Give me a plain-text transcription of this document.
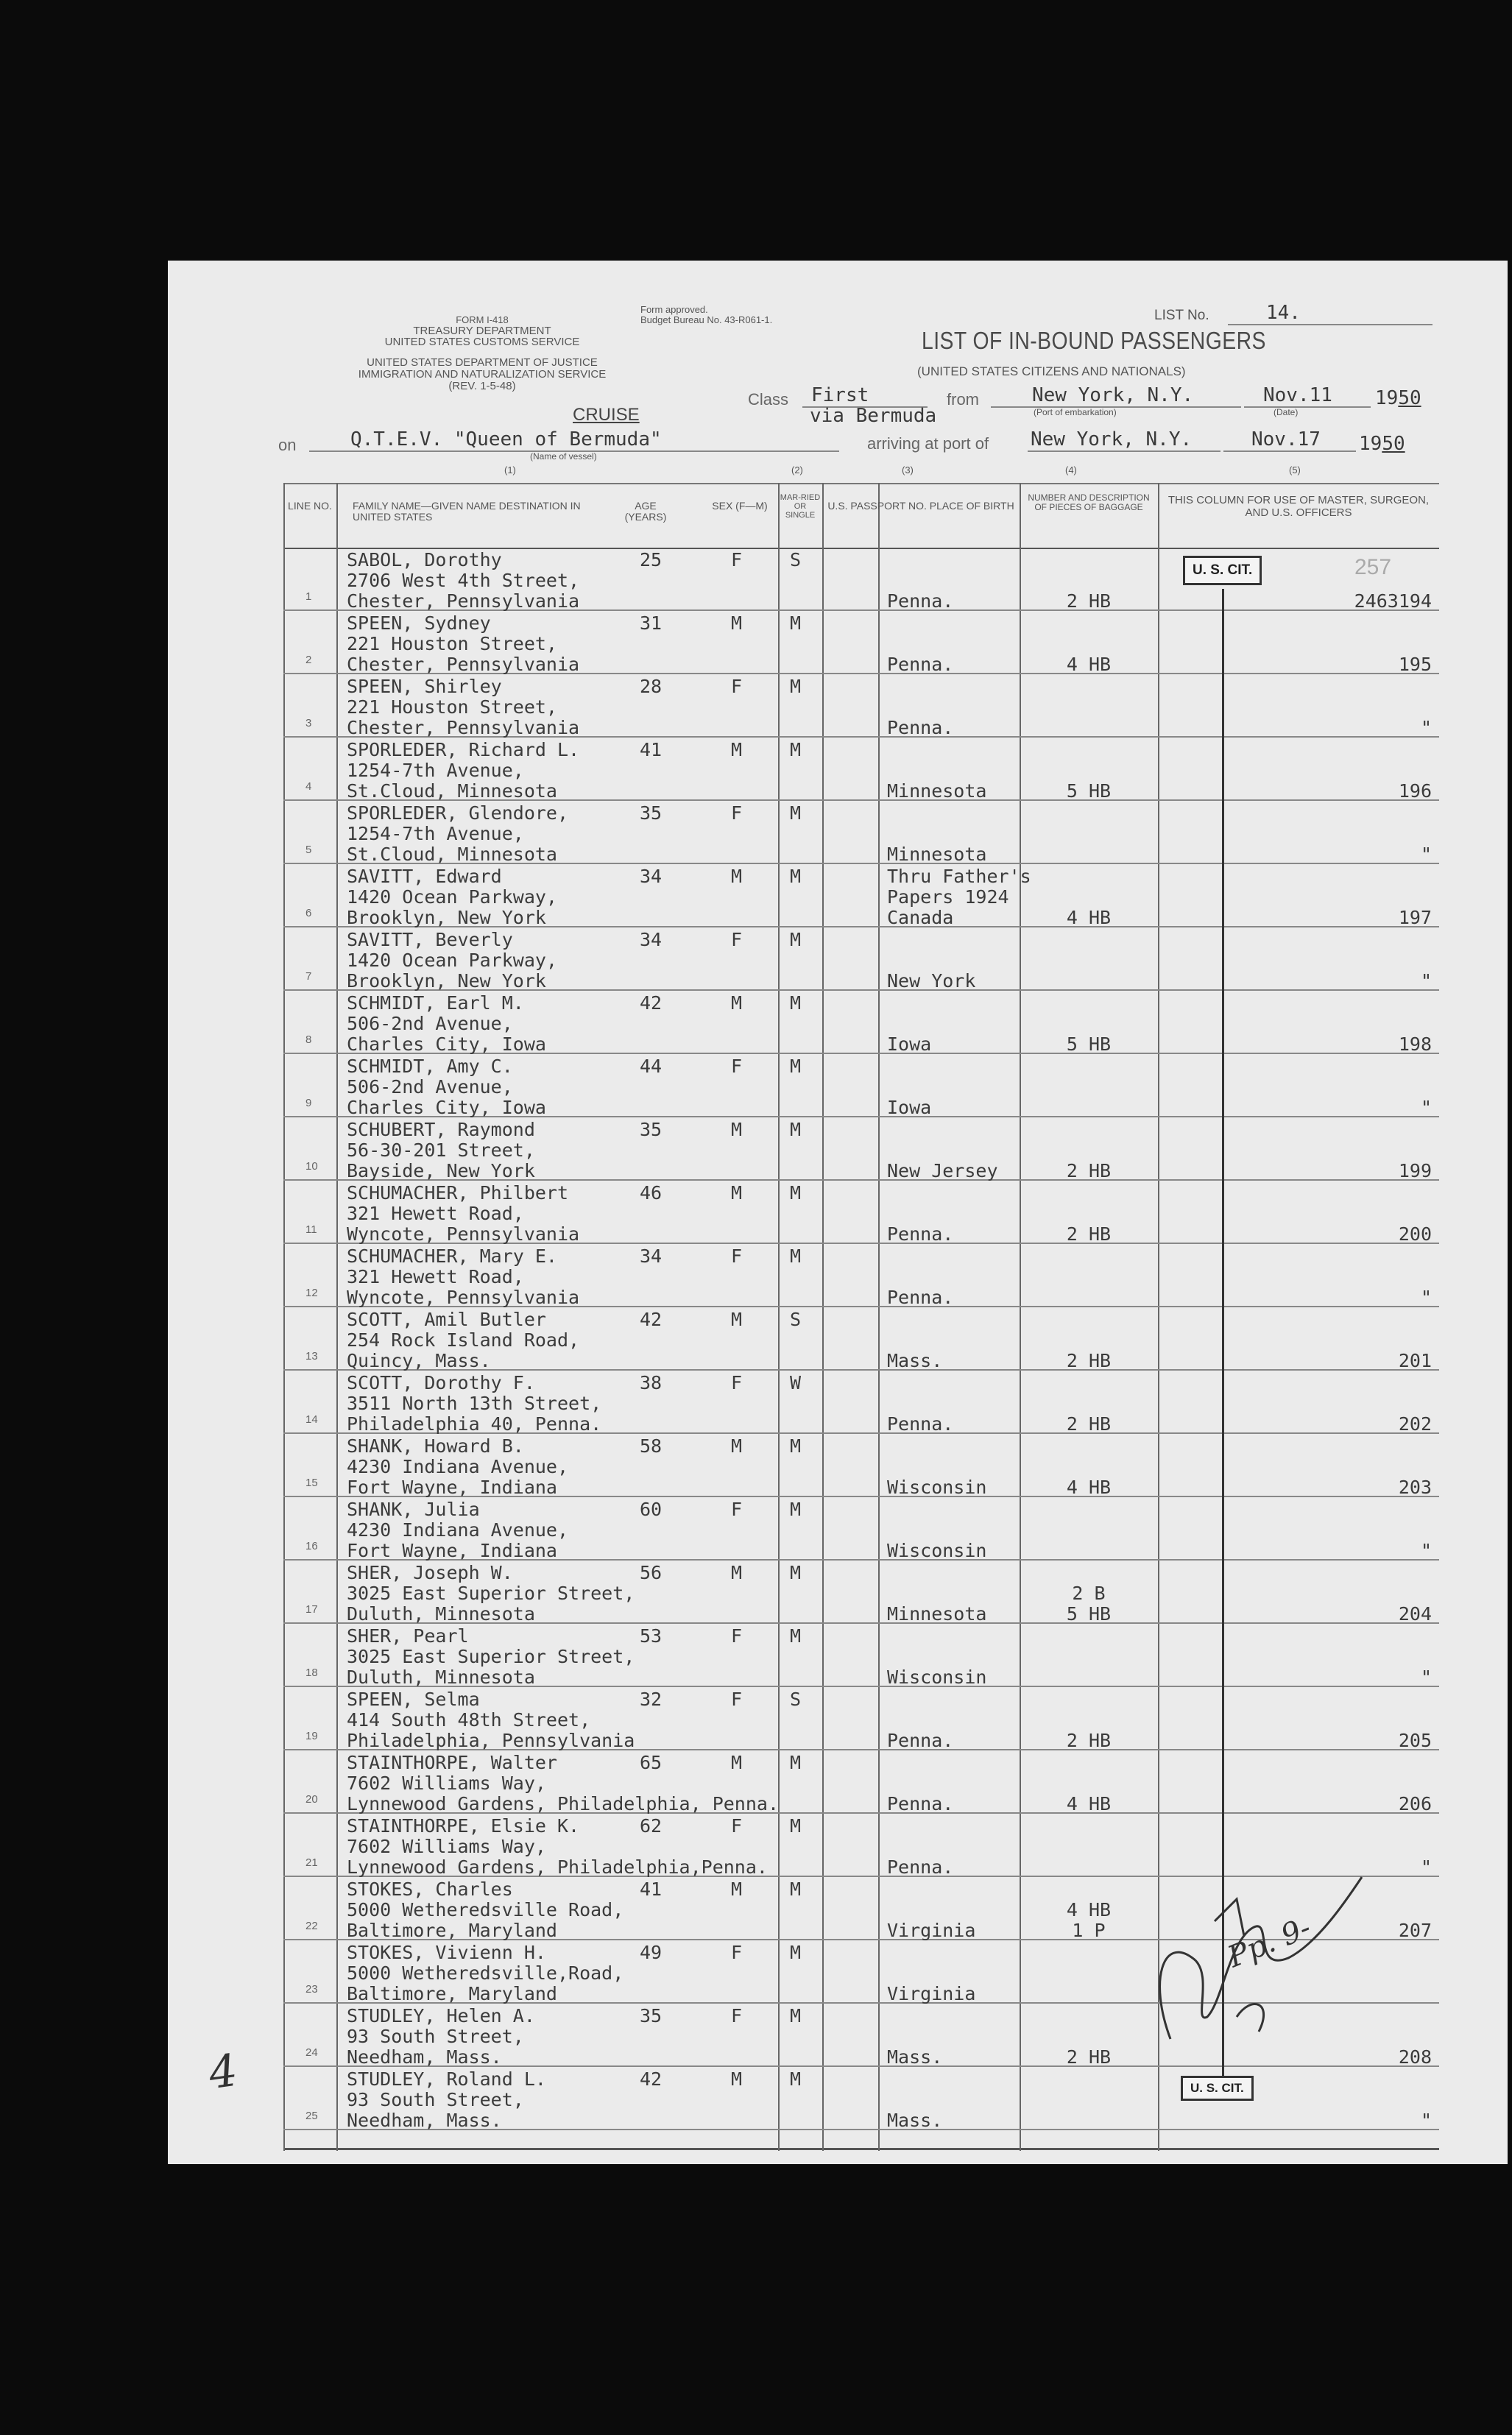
FORM I-418
TREASURY DEPARTMENT
UNITED STATES CUSTOMS SERVICE
UNITED STATES DEPARTMENT OF JUSTICE
IMMIGRATION AND NATURALIZATION SERVICE
(REV. 1-5-48)
Form approved.
Budget Bureau No. 43-R061-1.	LIST No.	14.
LIST OF IN-BOUND PASSENGERS
(UNITED STATES CITIZENS AND NATIONALS)
CRUISE
Class	First
via Bermuda
from	New York, N.Y.	Nov.11	1950
(Port of embarkation)	(Date)
on	Q.T.E.V. "Queen of Bermuda"
(Name of vessel)
arriving at port of New York, N.Y.	Nov.17	1950
LINE NO.	FAMILY NAME—GIVEN NAME DESTINATION IN UNITED STATES
AGE (YEARS)
SEX (F—M)
MAR-RIED OR SINGLE
U.S. PASSPORT NO. PLACE OF BIRTH
NUMBER AND DESCRIPTION OF PIECES OF BAGGAGE
THIS COLUMN FOR USE OF MASTER, SURGEON, AND U.S. OFFICERS
(1)	(2)	(3)	(4)	(5)
1
SABOL, Dorothy
2706 West 4th Street,
Chester, Pennsylvania
25	F	S
Penna.	2 HB	2463194
2
SPEEN, Sydney
221 Houston Street,
Chester, Pennsylvania
31	M	M
Penna.	4 HB	195
3
SPEEN, Shirley
221 Houston Street,
Chester, Pennsylvania
28	F	M
Penna.	"
4
SPORLEDER, Richard L.
1254-7th Avenue,
St.Cloud, Minnesota
41	M	M
Minnesota	5 HB	196
5
SPORLEDER, Glendore,
1254-7th Avenue,
St.Cloud, Minnesota
35	F	M
Minnesota	"
6
SAVITT, Edward
1420 Ocean Parkway,
Brooklyn, New York
34	M	M	Thru Father's
Papers 1924
Canada	4 HB	197
7
SAVITT, Beverly
1420 Ocean Parkway,
Brooklyn, New York
34	F	M
New York	"
8
SCHMIDT, Earl M.
506-2nd Avenue,
Charles City, Iowa
42	M	M
Iowa	5 HB	198
9
SCHMIDT, Amy C.
506-2nd Avenue,
Charles City, Iowa
44	F	M
Iowa	"
10
SCHUBERT, Raymond
56-30-201 Street,
Bayside, New York
35	M	M
New Jersey	2 HB	199
11
SCHUMACHER, Philbert
321 Hewett Road,
Wyncote, Pennsylvania
46	M	M
Penna.	2 HB	200
12
SCHUMACHER, Mary E.
321 Hewett Road,
Wyncote, Pennsylvania
34	F	M
Penna.	"
13
SCOTT, Amil Butler
254 Rock Island Road,
Quincy, Mass.
42	M	S
Mass.	2 HB	201
14
SCOTT, Dorothy F.
3511 North 13th Street,
Philadelphia 40, Penna.
38	F	W
Penna.	2 HB	202
15
SHANK, Howard B.
4230 Indiana Avenue,
Fort Wayne, Indiana
58	M	M
Wisconsin	4 HB	203
16
SHANK, Julia
4230 Indiana Avenue,
Fort Wayne, Indiana
60	F	M
Wisconsin	"
17
SHER, Joseph W.
3025 East Superior Street,
Duluth, Minnesota
56	M	M
Minnesota
2 B
5 HB	204
18
SHER, Pearl
3025 East Superior Street,
Duluth, Minnesota
53	F	M
Wisconsin	"
19
SPEEN, Selma
414 South 48th Street,
Philadelphia, Pennsylvania
32	F	S
Penna.	2 HB	205
20
STAINTHORPE, Walter
7602 Williams Way,
Lynnewood Gardens, Philadelphia, Penna.
65	M	M
Penna.	4 HB	206
21
STAINTHORPE, Elsie K.
7602 Williams Way,
Lynnewood Gardens, Philadelphia,Penna.
62	F	M
Penna.	"
22
STOKES, Charles
5000 Wetheredsville Road,
Baltimore, Maryland
41	M	M
Virginia
4 HB
1 P	207
23
STOKES, Vivienn H.
5000 Wetheredsville,Road,
Baltimore, Maryland
49	F	M
Virginia
24
STUDLEY, Helen A.
93 South Street,
Needham, Mass.
35	F	M
Mass.	2 HB	208
25
STUDLEY, Roland L.
93 South Street,
Needham, Mass.
42	M	M
Mass.	"
U. S. CIT.	257
U. S. CIT.
Pp. 9-
4
